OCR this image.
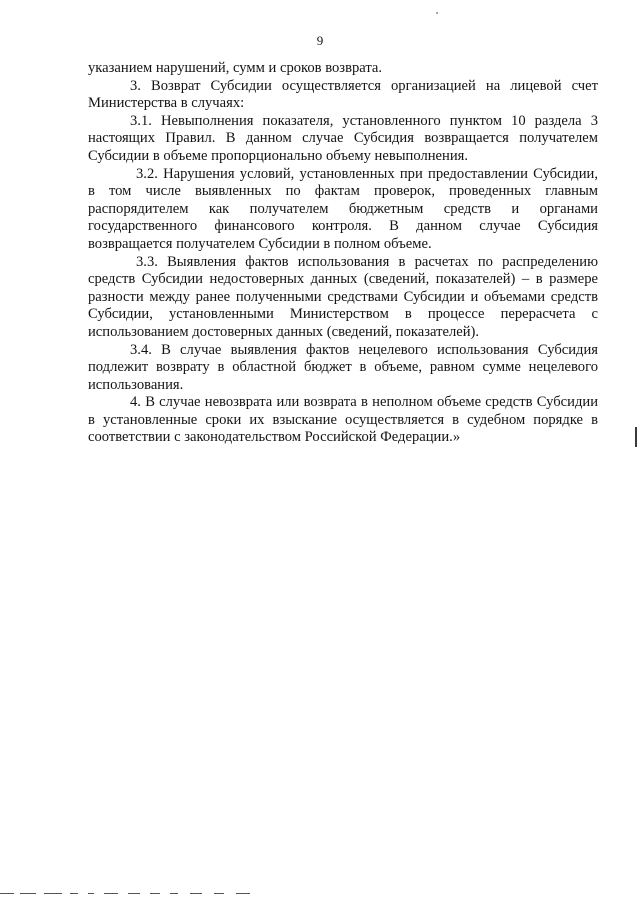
9

указанием нарушений, сумм и сроков возврата.

3. Возврат Субсидии осуществляется организацией на лицевой счет Министерства в случаях:

3.1. Невыполнения показателя, установленного пунктом 10 раздела 3 настоящих Правил. В данном случае Субсидия возвращается получателем Субсидии в объеме пропорционально объему невыполнения.

3.2. Нарушения условий, установленных при предоставлении Субсидии, в том числе выявленных по фактам проверок, проведенных главным распорядителем как получателем бюджетным средств и органами государственного финансового контроля. В данном случае Субсидия возвращается получателем Субсидии в полном объеме.

3.3. Выявления фактов использования в расчетах по распределению средств Субсидии недостоверных данных (сведений, показателей) – в размере разности между ранее полученными средствами Субсидии и объемами средств Субсидии, установленными Министерством в процессе перерасчета с использованием достоверных данных (сведений, показателей).

3.4. В случае выявления фактов нецелевого использования Субсидия подлежит возврату в областной бюджет в объеме, равном сумме нецелевого использования.

4. В случае невозврата или возврата в неполном объеме средств Субсидии в установленные сроки их взыскание осуществляется в судебном порядке в соответствии с законодательством Российской Федерации.»
